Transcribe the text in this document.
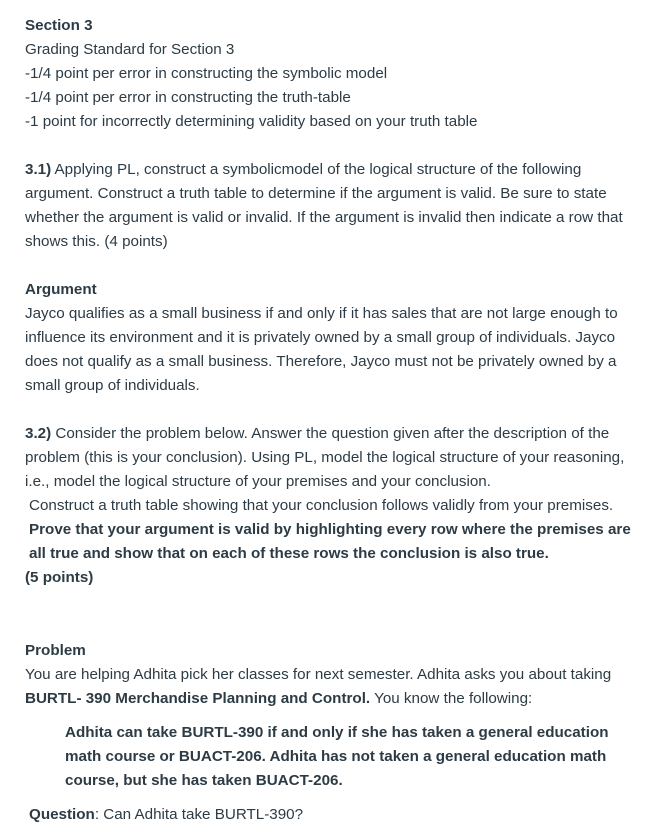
Section 3

Grading Standard for Section 3

-1/4 point per error in constructing the symbolic model

-1/4 point per error in constructing the truth-table

-1 point for incorrectly determining validity based on your truth table

3.1) Applying PL, construct a symbolicmodel of the logical structure of the following argument. Construct a truth table to determine if the argument is valid. Be sure to state whether the argument is valid or invalid. If the argument is invalid then indicate a row that shows this. (4 points)

Argument

Jayco qualifies as a small business if and only if it has sales that are not large enough to influence its environment and it is privately owned by a small group of individuals. Jayco does not qualify as a small business. Therefore, Jayco must not be privately owned by a small group of individuals.

3.2) Consider the problem below. Answer the question given after the description of the problem (this is your conclusion). Using PL, model the logical structure of your reasoning, i.e., model the logical structure of your premises and your conclusion.

Construct a truth table showing that your conclusion follows validly from your premises. Prove that your argument is valid by highlighting every row where the premises are all true and show that on each of these rows the conclusion is also true.

(5 points)

Problem

You are helping Adhita pick her classes for next semester. Adhita asks you about taking BURTL- 390 Merchandise Planning and Control. You know the following:

Adhita can take BURTL-390 if and only if she has taken a general education math course or BUACT-206. Adhita has not taken a general education math course, but she has taken BUACT-206.

Question: Can Adhita take BURTL-390?
